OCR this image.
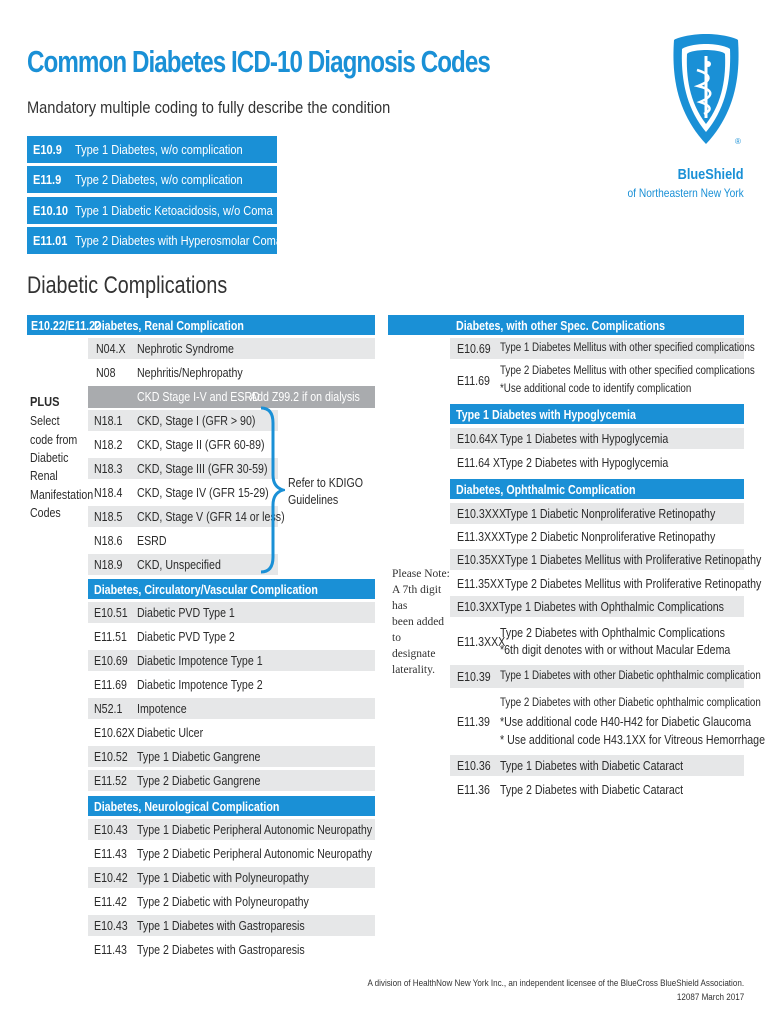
Common Diabetes ICD-10 Diagnosis Codes
Mandatory multiple coding to fully describe the condition
®
BlueShield
of Northeastern New York
E10.9 Type 1 Diabetes, w/o complication
E11.9 Type 2 Diabetes, w/o complication
E10.10 Type 1 Diabetic Ketoacidosis, w/o Coma
E11.01 Type 2 Diabetes with Hyperosmolar Coma
Diabetic Complications
E10.22/E11.22
Diabetes, Renal Complication
N04.X Nephrotic Syndrome
N08 Nephritis/Nephropathy
CKD Stage I-V and ESRD
Add Z99.2 if on dialysis
PLUS
Select
code from
Diabetic
Renal
Manifestation
Codes
N18.1 CKD, Stage I (GFR > 90)
N18.2 CKD, Stage II (GFR 60-89)
N18.3 CKD, Stage III (GFR 30-59)
N18.4 CKD, Stage IV (GFR 15-29)
N18.5 CKD, Stage V (GFR 14 or less)
N18.6 ESRD
N18.9 CKD, Unspecified
Refer to KDIGO
Guidelines
Diabetes, Circulatory/Vascular Complication
E10.51 Diabetic PVD Type 1
E11.51 Diabetic PVD Type 2
E10.69 Diabetic Impotence Type 1
E11.69 Diabetic Impotence Type 2
N52.1 Impotence
E10.62X Diabetic Ulcer
E10.52 Type 1 Diabetic Gangrene
E11.52 Type 2 Diabetic Gangrene
Diabetes, Neurological Complication
E10.43 Type 1 Diabetic Peripheral Autonomic Neuropathy
E11.43 Type 2 Diabetic Peripheral Autonomic Neuropathy
E10.42 Type 1 Diabetic with Polyneuropathy
E11.42 Type 2 Diabetic with Polyneuropathy
E10.43 Type 1 Diabetes with Gastroparesis
E11.43 Type 2 Diabetes with Gastroparesis
Please Note:
A 7th digit has
been added to
designate
laterality.
Diabetes, with other Spec. Complications
E10.69 Type 1 Diabetes Mellitus with other specified complications
E11.69
Type 2 Diabetes Mellitus with other specified complications
*Use additional code to identify complication
Type 1 Diabetes with Hypoglycemia
E10.64X Type 1 Diabetes with Hypoglycemia
E11.64 X Type 2 Diabetes with Hypoglycemia
Diabetes, Ophthalmic Complication
E10.3XXX
Type 1 Diabetic Nonproliferative Retinopathy
E11.3XXX Type 2 Diabetic Nonproliferative Retinopathy
E10.35XX Type 1 Diabetes Mellitus with Proliferative Retinopathy
E11.35XX Type 2 Diabetes Mellitus with Proliferative Retinopathy
E10.3XX Type 1 Diabetes with Ophthalmic Complications
E11.3XXX
Type 2 Diabetes with Ophthalmic Complications
*6th digit denotes with or without Macular Edema
E10.39 Type 1 Diabetes with other Diabetic ophthalmic complication
E11.39
Type 2 Diabetes with other Diabetic ophthalmic complication
*Use additional code H40-H42 for Diabetic Glaucoma
* Use additional code H43.1XX for Vitreous Hemorrhage
E10.36 Type 1 Diabetes with Diabetic Cataract
E11.36 Type 2 Diabetes with Diabetic Cataract
A division of HealthNow New York Inc., an independent licensee of the BlueCross BlueShield Association.
12087 March 2017
